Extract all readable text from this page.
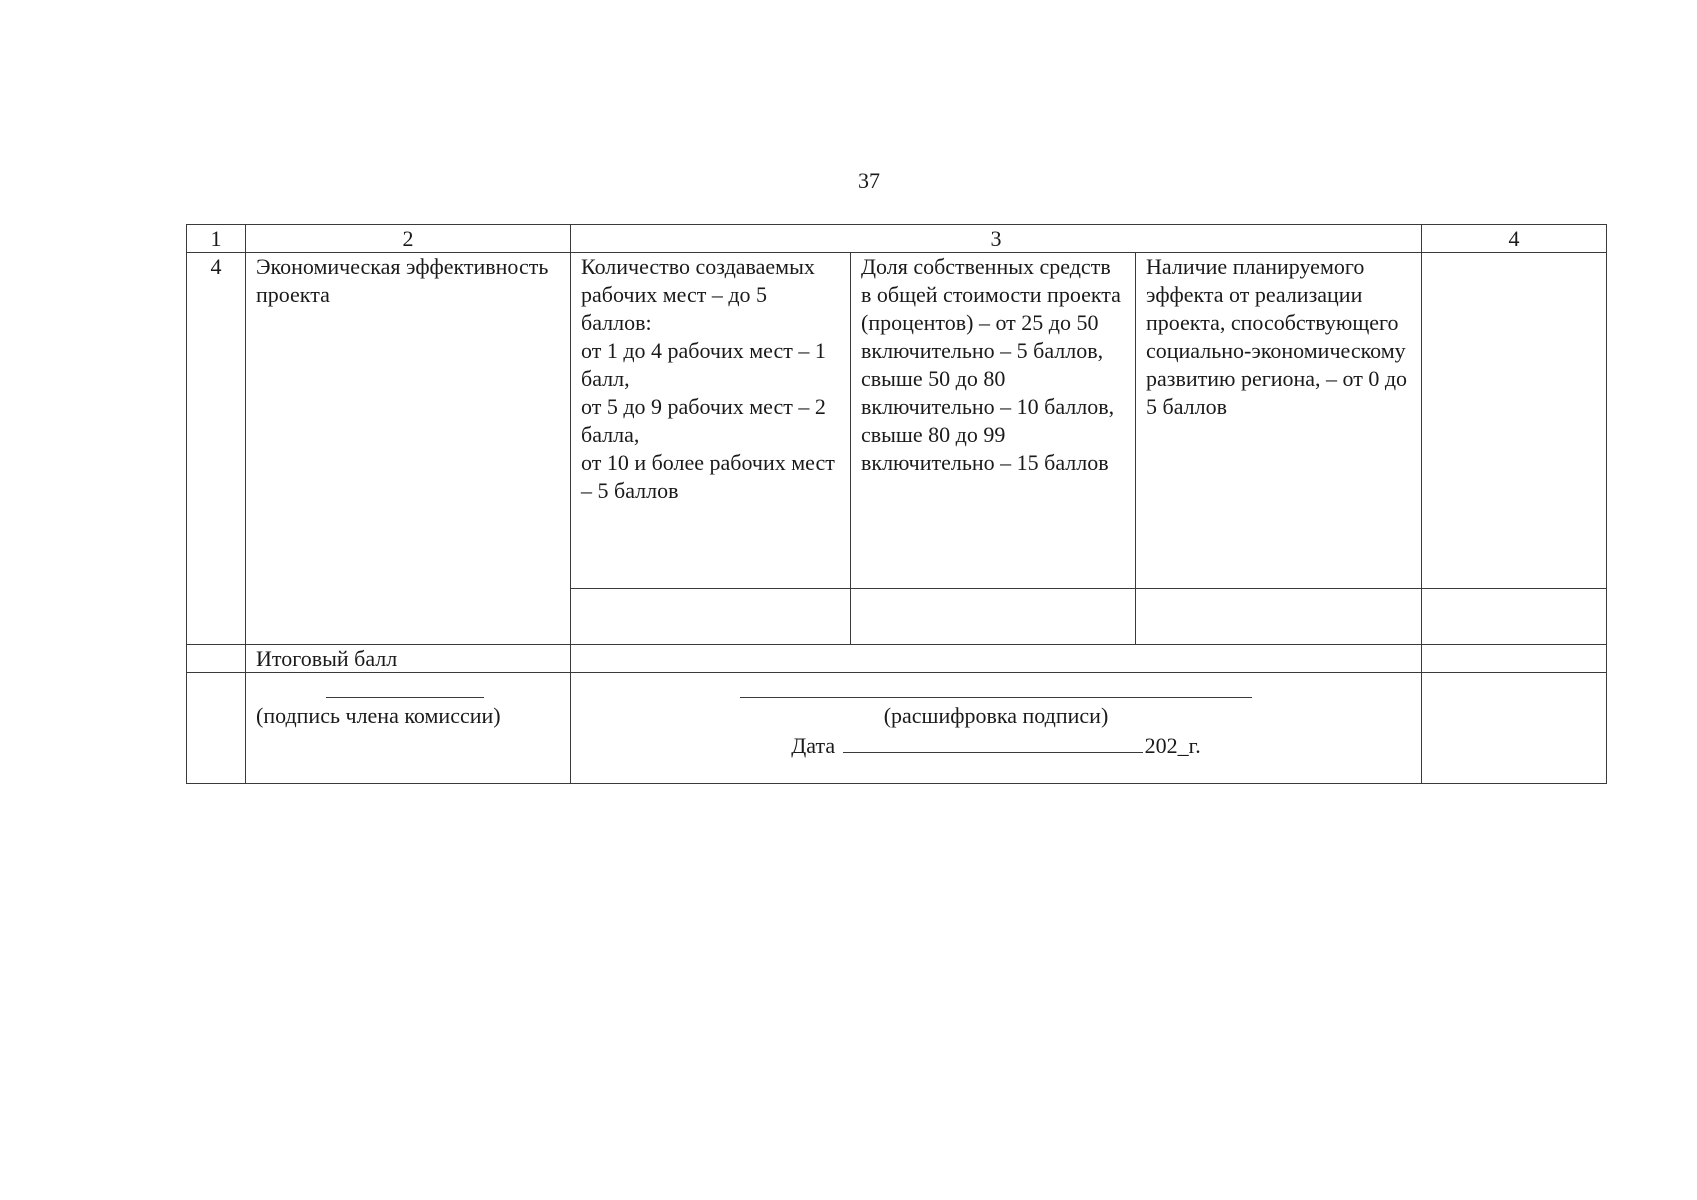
37
1	2	3			4
4	Экономическая эффективность проекта	Количество создаваемых рабочих мест – до 5 баллов:
от 1 до 4 рабочих мест – 1 балл,
от 5 до 9 рабочих мест – 2 балла,
от 10 и более рабочих мест – 5 баллов	Доля собственных средств в общей стоимости проекта (процентов) – от 25 до 50 включительно – 5 баллов,
свыше 50 до 80 включительно – 10 баллов,
свыше 80 до 99 включительно – 15 баллов	Наличие планируемого эффекта от реализации проекта, способствующего социально-экономическому развитию региона, – от 0 до 5 баллов	

	Итоговый балл				

	(подпись члена комиссии)	(расшифровка подписи)
Дата 202_г.			
